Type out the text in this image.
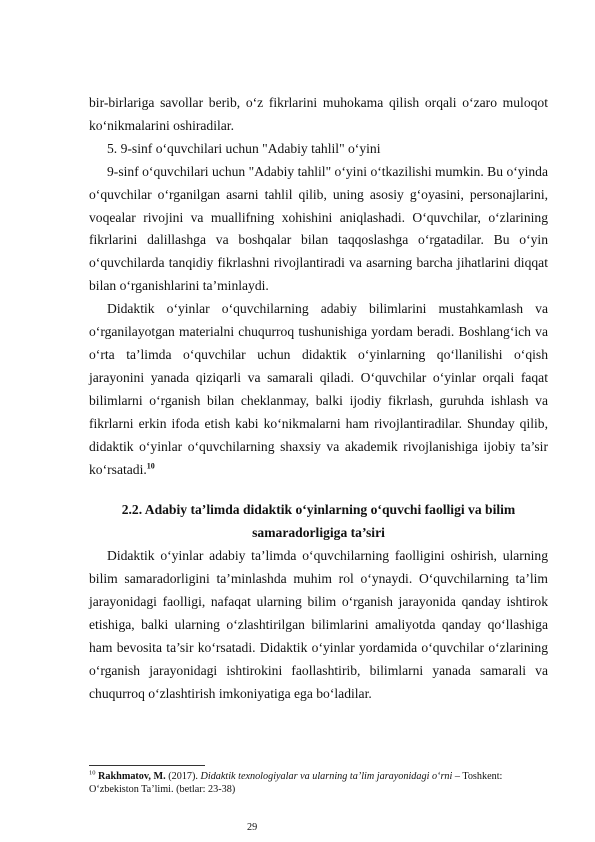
bir-birlariga savollar berib, o‘z fikrlarini muhokama qilish orqali o‘zaro muloqot ko‘nikmalarini oshiradilar.

5. 9-sinf o‘quvchilari uchun "Adabiy tahlil" o‘yini

9-sinf o‘quvchilari uchun "Adabiy tahlil" o‘yini o‘tkazilishi mumkin. Bu o‘yinda o‘quvchilar o‘rganilgan asarni tahlil qilib, uning asosiy g‘oyasini, personajlarini, voqealar rivojini va muallifning xohishini aniqlashadi. O‘quvchilar, o‘zlarining fikrlarini dalillashga va boshqalar bilan taqqoslashga o‘rgatadilar. Bu o‘yin o‘quvchilarda tanqidiy fikrlashni rivojlantiradi va asarning barcha jihatlarini diqqat bilan o‘rganishlarini ta’minlaydi.

Didaktik o‘yinlar o‘quvchilarning adabiy bilimlarini mustahkamlash va o‘rganilayotgan materialni chuqurroq tushunishiga yordam beradi. Boshlang‘ich va o‘rta ta’limda o‘quvchilar uchun didaktik o‘yinlarning qo‘llanilishi o‘qish jarayonini yanada qiziqarli va samarali qiladi. O‘quvchilar o‘yinlar orqali faqat bilimlarni o‘rganish bilan cheklanmay, balki ijodiy fikrlash, guruhda ishlash va fikrlarni erkin ifoda etish kabi ko‘nikmalarni ham rivojlantiradilar. Shunday qilib, didaktik o‘yinlar o‘quvchilarning shaxsiy va akademik rivojlanishiga ijobiy ta’sir ko‘rsatadi.$^{10}$

2.2. Adabiy ta’limda didaktik o‘yinlarning o‘quvchi faolligi va bilim samaradorligiga ta’siri

Didaktik o‘yinlar adabiy ta’limda o‘quvchilarning faolligini oshirish, ularning bilim samaradorligini ta’minlashda muhim rol o‘ynaydi. O‘quvchilarning ta’lim jarayonidagi faolligi, nafaqat ularning bilim o‘rganish jarayonida qanday ishtirok etishiga, balki ularning o‘zlashtirilgan bilimlarini amaliyotda qanday qo‘llashiga ham bevosita ta’sir ko‘rsatadi. Didaktik o‘yinlar yordamida o‘quvchilar o‘zlarining o‘rganish jarayonidagi ishtirokini faollashtirib, bilimlarni yanada samarali va chuqurroq o‘zlashtirish imkoniyatiga ega bo‘ladilar.

$^{10}$ Rakhmatov, M. (2017). Didaktik texnologiyalar va ularning ta’lim jarayonidagi o‘rni – Toshkent: O‘zbekiston Ta’limi. (betlar: 23-38)
29
